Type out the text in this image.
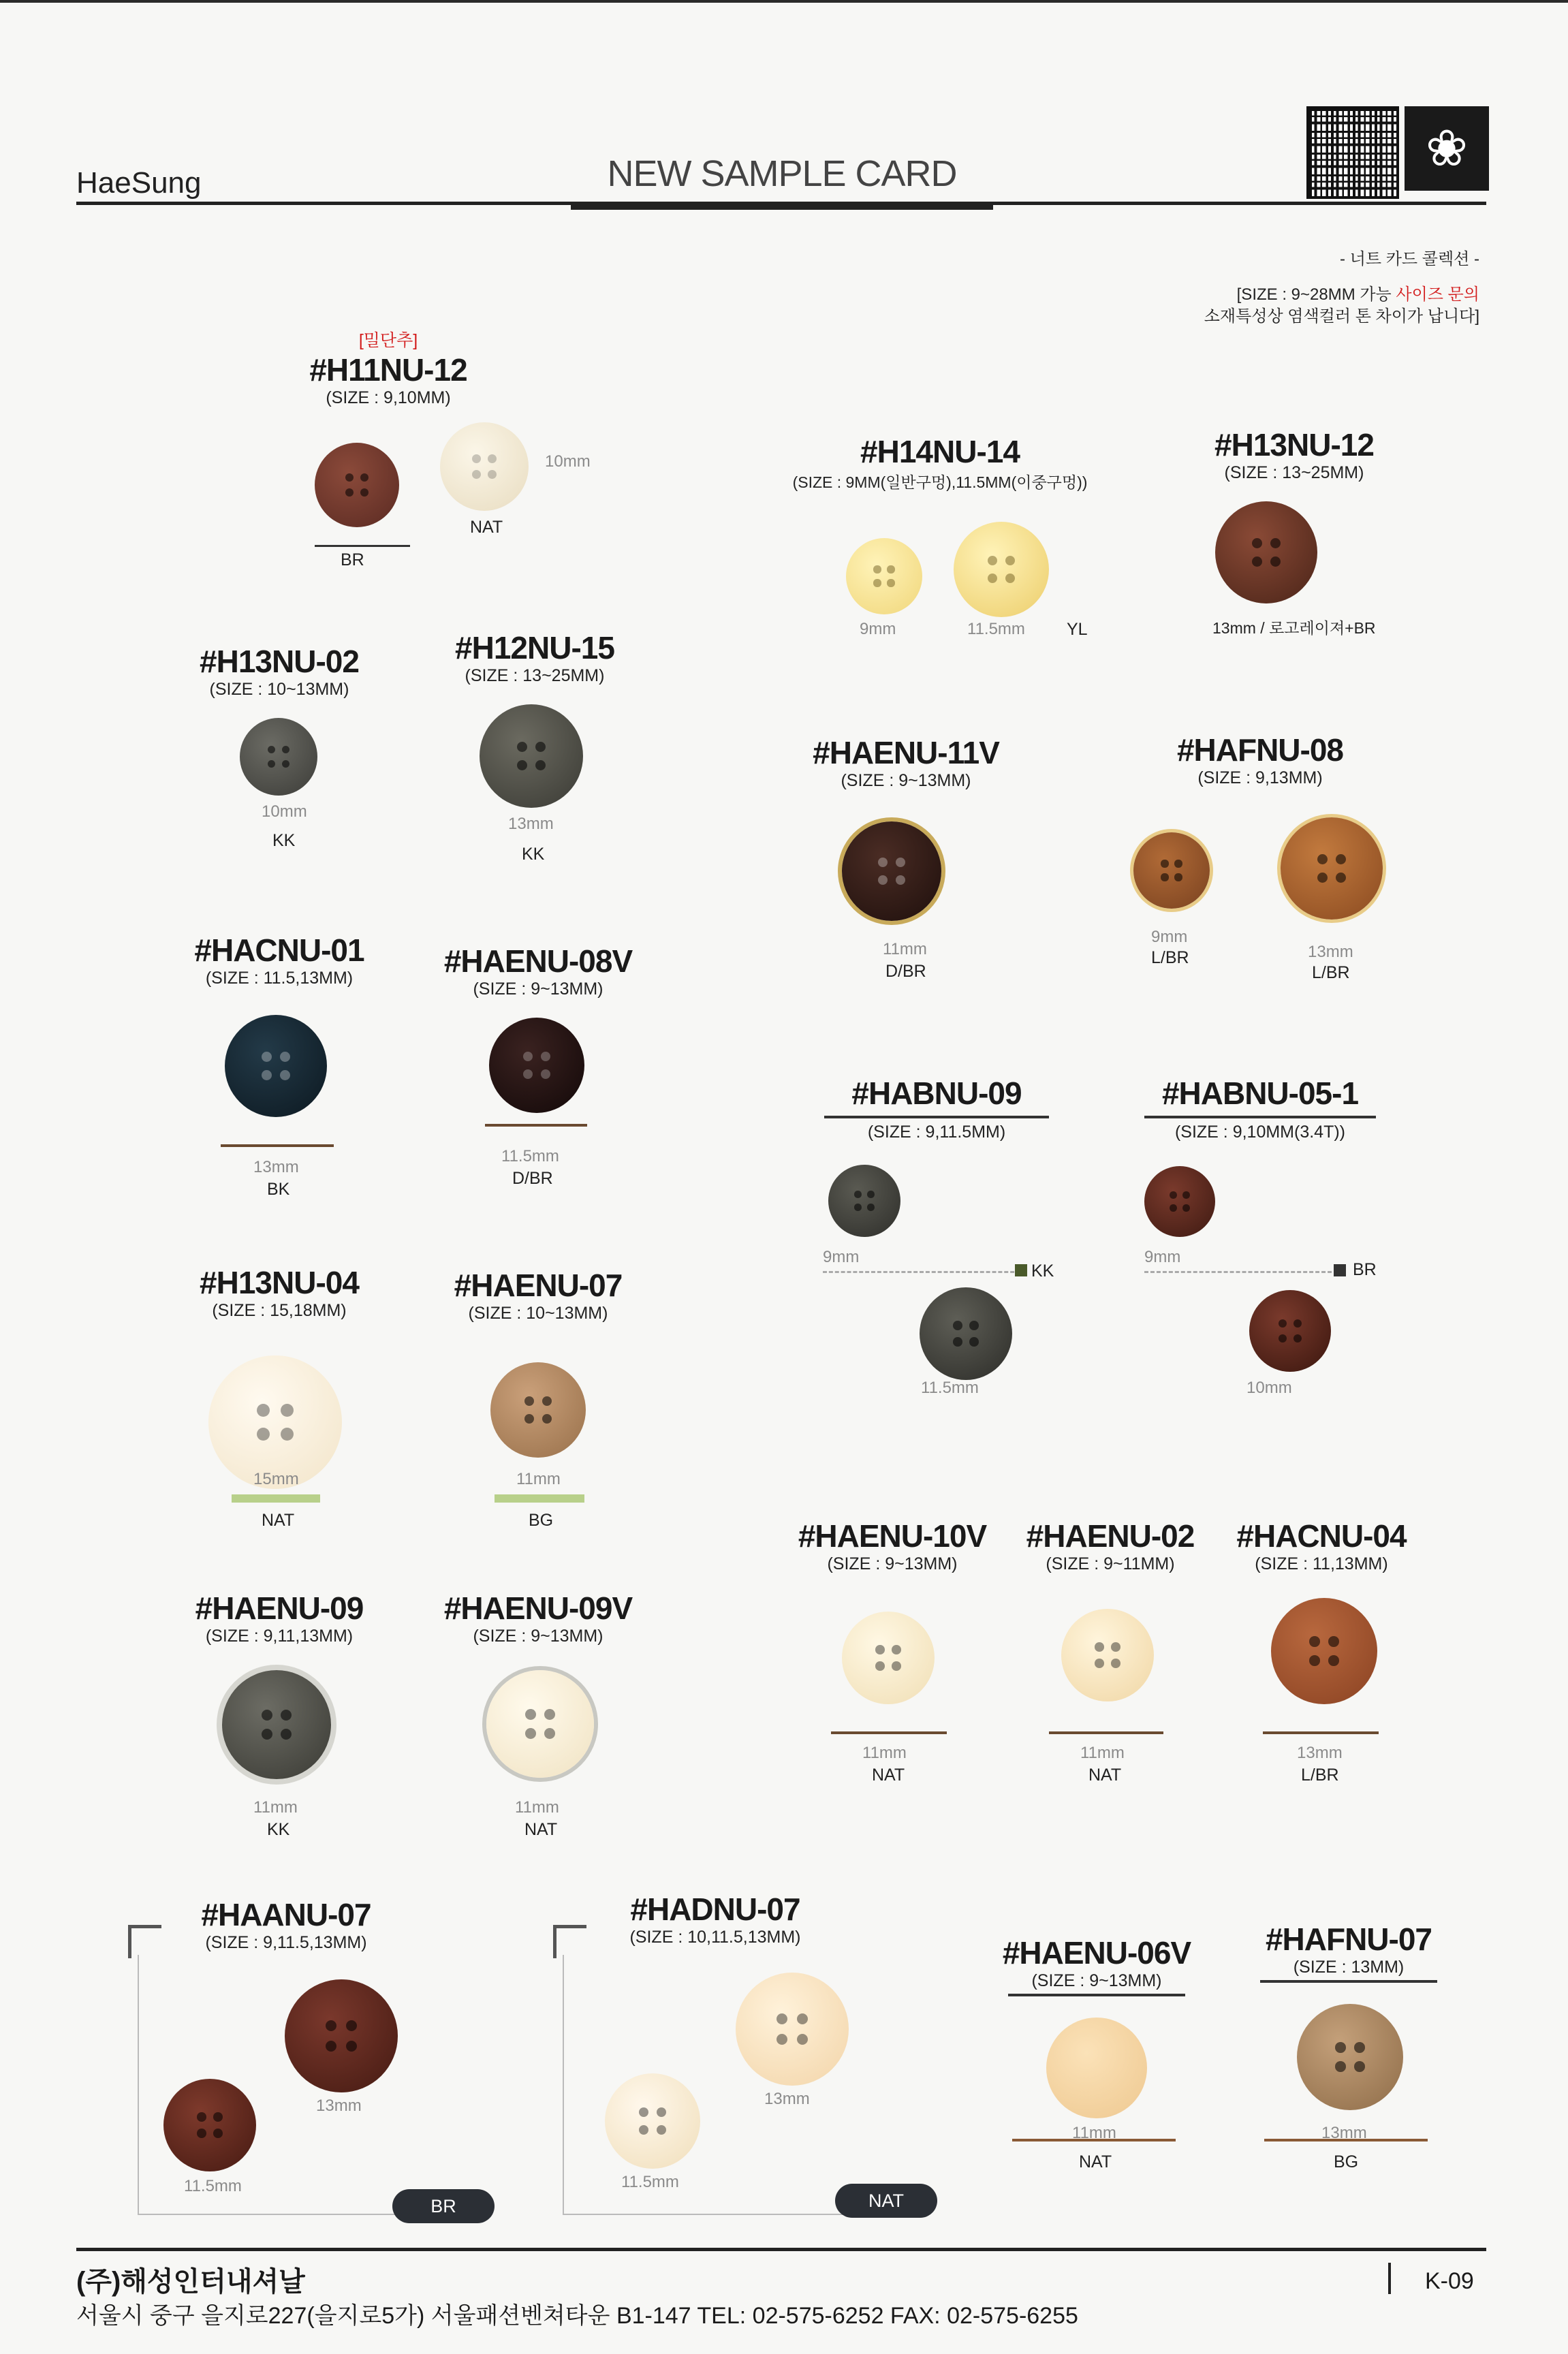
HaeSung	NEW SAMPLE CARD	❀
- 너트 카드 콜렉션 -
[SIZE : 9~28MM 가능 사이즈 문의
소재특성상 염색컬러 톤 차이가 납니다]
[밀단추]
#H11NU-12
(SIZE : 9,10MM)
BR
NAT
10mm	#H14NU-14
(SIZE : 9MM(일반구멍),11.5MM(이중구멍))
9mm	11.5mm YL
#H13NU-12
(SIZE : 13~25MM)
13mm / 로고레이져+BR
#H13NU-02
(SIZE : 10~13MM)
10mm
KK
#H12NU-15
(SIZE : 13~25MM)
13mm
KK
#HAENU-11V
(SIZE : 9~13MM)
11mm
D/BR
#HAFNU-08
(SIZE : 9,13MM)
9mm
L/BR	13mm
L/BR
#HACNU-01
(SIZE : 11.5,13MM)
13mm
BK
#HAENU-08V
(SIZE : 9~13MM)
11.5mm
D/BR
#HABNU-09
(SIZE : 9,11.5MM)
9mm
11.5mm
KK
#HABNU-05-1
(SIZE : 9,10MM(3.4T))
9mm
10mm
BR
#H13NU-04
(SIZE : 15,18MM)
15mm
NAT
#HAENU-07
(SIZE : 10~13MM)
11mm
BG	#HAENU-10V
(SIZE : 9~13MM)
11mm
NAT
#HAENU-02
(SIZE : 9~11MM)
11mm
NAT
#HACNU-04
(SIZE : 11,13MM)
13mm
L/BR
#HAENU-09
(SIZE : 9,11,13MM)
11mm
KK
#HAENU-09V
(SIZE : 9~13MM)
11mm
NAT
#HAANU-07
(SIZE : 9,11.5,13MM)
13mm
11.5mm
BR
#HADNU-07
(SIZE : 10,11.5,13MM)
13mm
11.5mm
NAT
#HAENU-06V
(SIZE : 9~13MM)
11mm
NAT
#HAFNU-07
(SIZE : 13MM)
13mm
BG
(주)해성인터내셔날
서울시 중구 을지로227(을지로5가) 서울패션벤쳐타운 B1-147 TEL: 02-575-6252 FAX: 02-575-6255
K-09
